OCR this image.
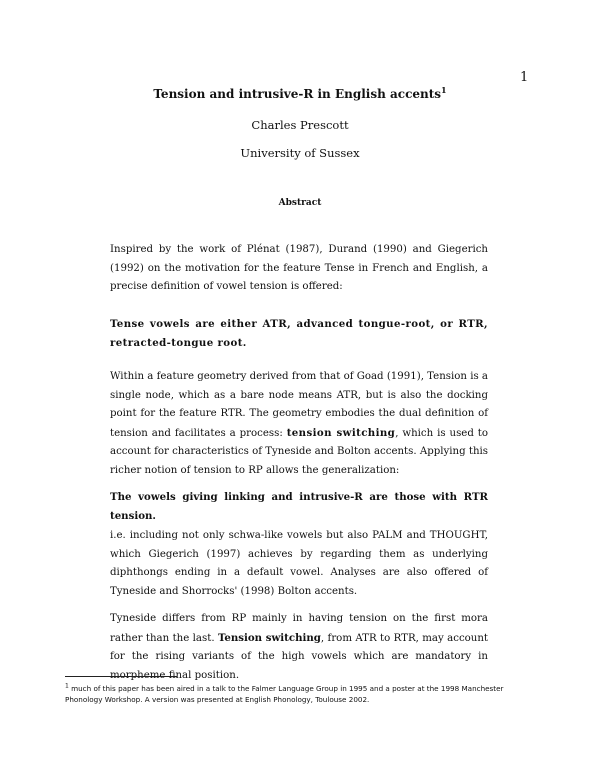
1
Tension and intrusive-R in English accents$^1$
Charles Prescott
University of Sussex
Abstract

Inspired by the work of Plénat (1987), Durand (1990) and Giegerich (1992) on the motivation for the feature Tense in French and English, a precise definition of vowel tension is offered:

Tense vowels are either ATR, advanced tongue-root, or RTR, retracted-tongue root.

Within a feature geometry derived from that of Goad (1991), Tension is a single node, which as a bare node means ATR, but is also the docking point for the feature RTR. The geometry embodies the dual definition of tension and facilitates a process: tension switching, which is used to account for characteristics of Tyneside and Bolton accents. Applying this richer notion of tension to RP allows the generalization:

The vowels giving linking and intrusive-R are those with RTR tension.

i.e. including not only schwa-like vowels but also PALM and THOUGHT, which Giegerich (1997) achieves by regarding them as underlying diphthongs ending in a default vowel. Analyses are also offered of Tyneside and Shorrocks' (1998) Bolton accents.

Tyneside differs from RP mainly in having tension on the first mora rather than the last. Tension switching, from ATR to RTR, may account for the rising variants of the high vowels which are mandatory in morpheme final position.

$^1$ much of this paper has been aired in a talk to the Falmer Language Group in 1995 and a poster at the 1998 Manchester Phonology Workshop. A version was presented at English Phonology, Toulouse 2002.
